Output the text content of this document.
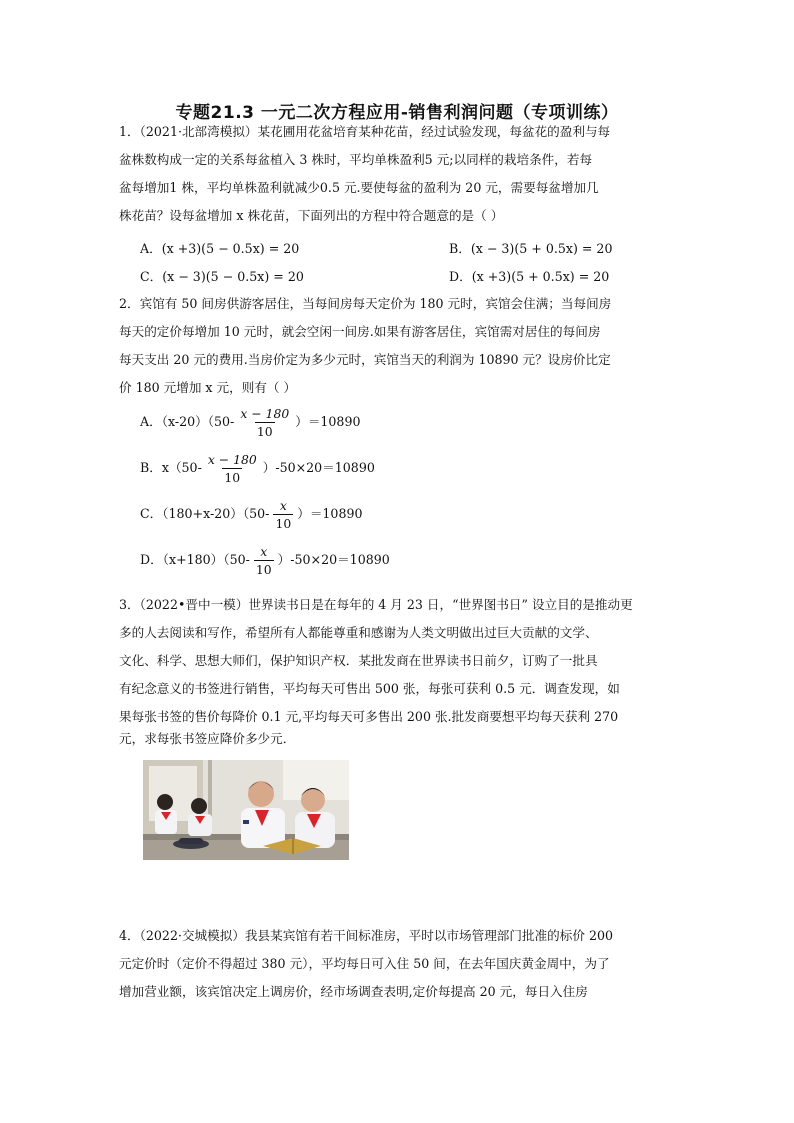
专题21.3 一元二次方程应用-销售利润问题（专项训练）
1．（2021·北部湾模拟）某花圃用花盆培育某种花苗，经过试验发现，每盆花的盈利与每
盆株数构成一定的关系每盆植入 3 株时，平均单株盈利5 元;以同样的栽培条件，若每
盆每增加1 株，平均单株盈利就减少0.5 元.要使每盆的盈利为 20 元，需要每盆增加几
株花苗？设每盆增加 x 株花苗，下面列出的方程中符合题意的是（ ）
A．(x +3)(5 − 0.5x) = 20	B．(x − 3)(5 + 0.5x) = 20
C．(x − 3)(5 − 0.5x) = 20	D．(x +3)(5 + 0.5x) = 20
2．宾馆有 50 间房供游客居住，当每间房每天定价为 180 元时，宾馆会住满；当每间房
每天的定价每增加 10 元时，就会空闲一间房.如果有游客居住，宾馆需对居住的每间房
每天支出 20 元的费用.当房价定为多少元时，宾馆当天的利润为 10890 元？设房价比定
价 180 元增加 x 元，则有（ ）
A．$(x-20)(50- \frac{x - 180}{10} )=10890$
B．$x(50- \frac{x - 180}{10} )-50\times 20=10890$
C．$(180+x-20)(50- \frac{x}{10} )=10890$
D．$(x+180)(50- \frac{x}{10} )-50\times 20=10890$
3．（2022•晋中一模）世界读书日是在每年的 4 月 23 日，“世界图书日” 设立目的是推动更
多的人去阅读和写作，希望所有人都能尊重和感谢为人类文明做出过巨大贡献的文学、
文化、科学、思想大师们，保护知识产权．某批发商在世界读书日前夕，订购了一批具
有纪念意义的书签进行销售，平均每天可售出 500 张，每张可获利 0.5 元．调查发现，如
果每张书签的售价每降价 0.1 元,平均每天可多售出 200 张.批发商要想平均每天获利 270
元，求每张书签应降价多少元．
4．（2022·交城模拟）我县某宾馆有若干间标准房，平时以市场管理部门批准的标价 200
元定价时（定价不得超过 380 元），平均每日可入住 50 间，在去年国庆黄金周中，为了
增加营业额，该宾馆决定上调房价，经市场调查表明,定价每提高 20 元，每日入住房
